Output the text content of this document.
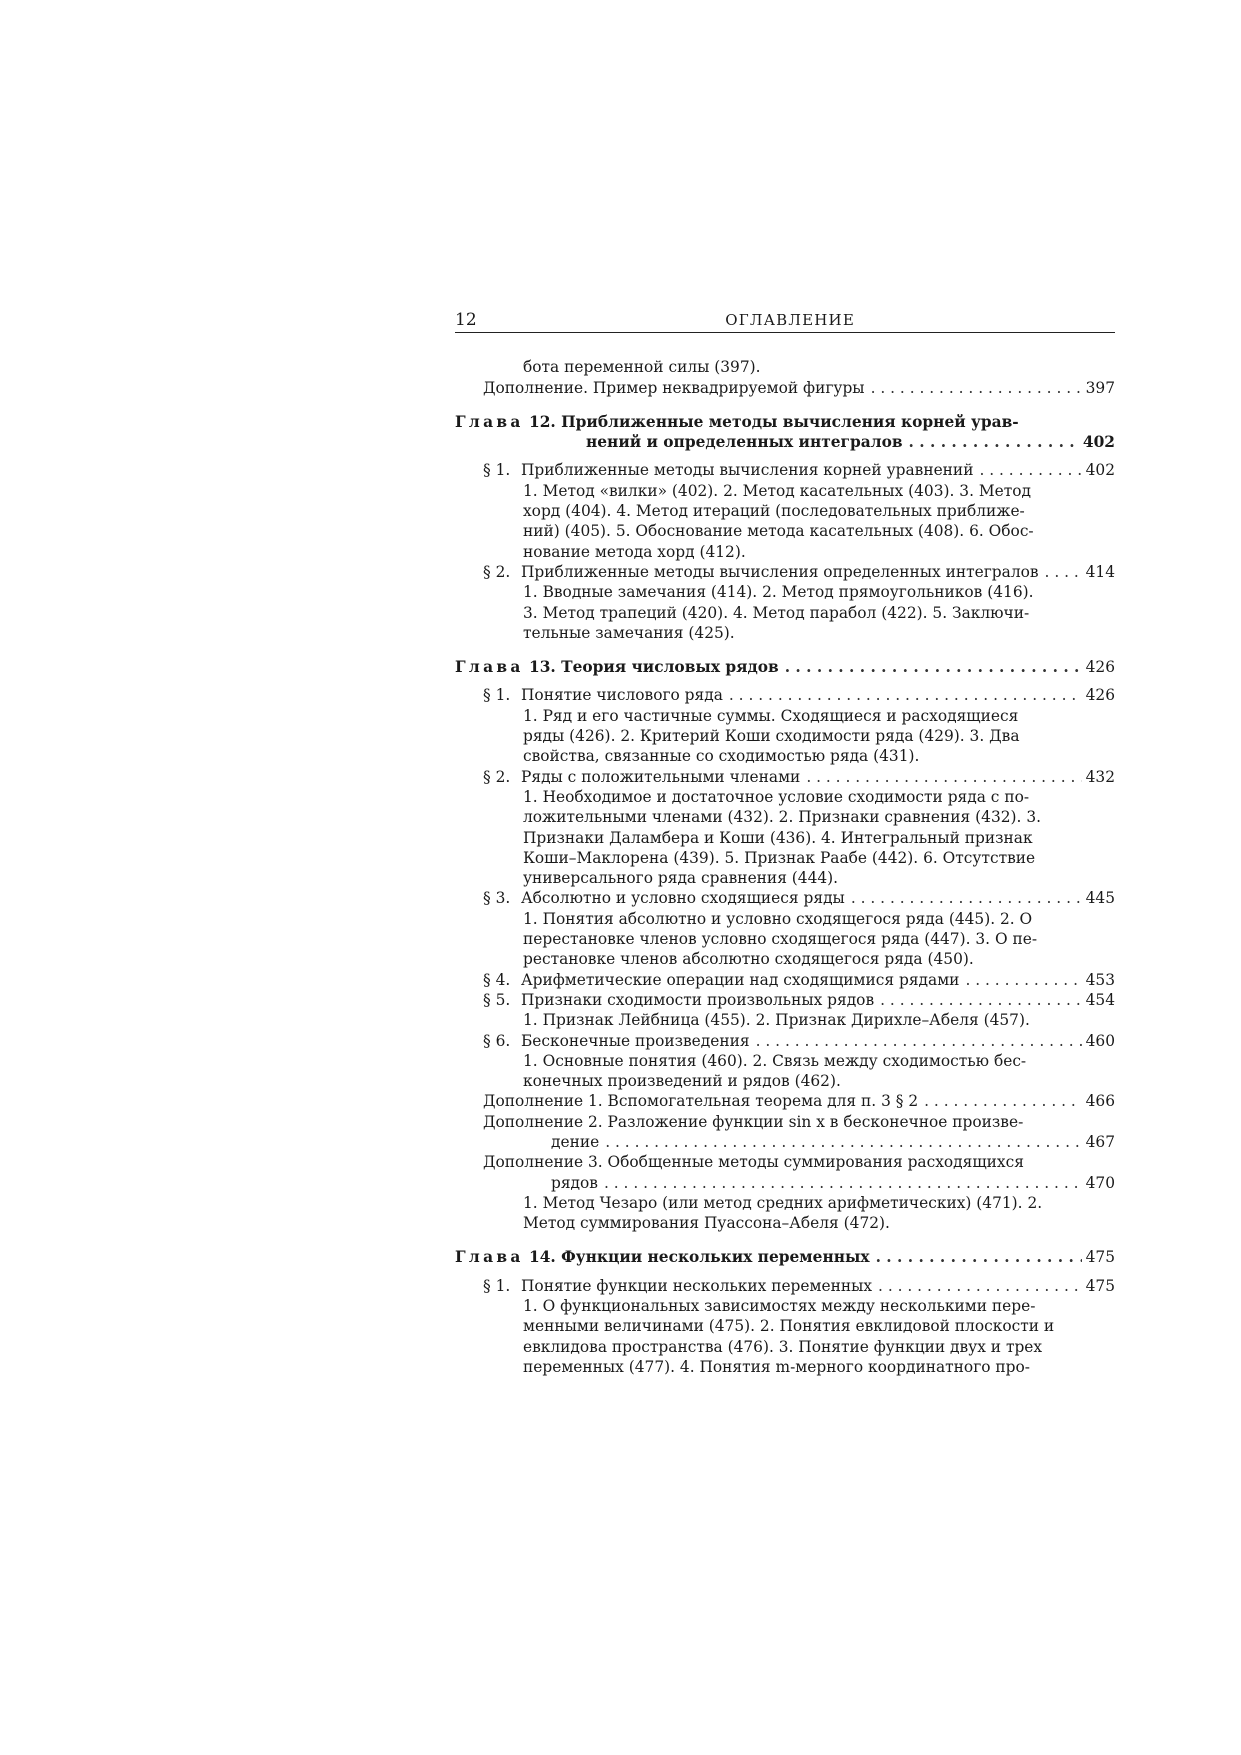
12	ОГЛАВЛЕНИЕ
бота переменной силы (397).
Дополнение. Пример неквадрируемой фигуры . . .	397
Глава 12. Приближенные методы вычисления корней урав-
нений и определенных интегралов . . .	402
§ 1. Приближенные методы вычисления корней уравнений . . .	402
1. Метод «вилки» (402). 2. Метод касательных (403). 3. Метод
хорд (404). 4. Метод итераций (последовательных приближе-
ний) (405). 5. Обоснование метода касательных (408). 6. Обос-
нование метода хорд (412).
§ 2. Приближенные методы вычисления определенных интегралов . . .	414
1. Вводные замечания (414). 2. Метод прямоугольников (416).
3. Метод трапеций (420). 4. Метод парабол (422). 5. Заключи-
тельные замечания (425).
Глава 13. Теория числовых рядов . . .	426
§ 1. Понятие числового ряда . . .	426
1. Ряд и его частичные суммы. Сходящиеся и расходящиеся
ряды (426). 2. Критерий Коши сходимости ряда (429). 3. Два
свойства, связанные со сходимостью ряда (431).
§ 2. Ряды с положительными членами . . .	432
1. Необходимое и достаточное условие сходимости ряда с по-
ложительными членами (432). 2. Признаки сравнения (432). 3.
Признаки Даламбера и Коши (436). 4. Интегральный признак
Коши–Маклорена (439). 5. Признак Раабе (442). 6. Отсутствие
универсального ряда сравнения (444).
§ 3. Абсолютно и условно сходящиеся ряды . . .	445
1. Понятия абсолютно и условно сходящегося ряда (445). 2. О
перестановке членов условно сходящегося ряда (447). 3. О пе-
рестановке членов абсолютно сходящегося ряда (450).
§ 4. Арифметические операции над сходящимися рядами . . .	453
§ 5. Признаки сходимости произвольных рядов . . .	454
1. Признак Лейбница (455). 2. Признак Дирихле–Абеля (457).
§ 6. Бесконечные произведения . . .	460
1. Основные понятия (460). 2. Связь между сходимостью бес-
конечных произведений и рядов (462).
Дополнение 1. Вспомогательная теорема для п. 3 § 2 . . .	466
Дополнение 2. Разложение функции sin x в бесконечное произве-
дение . . .	467
Дополнение 3. Обобщенные методы суммирования расходящихся
рядов . . .	470
1. Метод Чезаро (или метод средних арифметических) (471). 2.
Метод суммирования Пуассона–Абеля (472).
Глава 14. Функции нескольких переменных . . .	475
§ 1. Понятие функции нескольких переменных . . .	475
1. О функциональных зависимостях между несколькими пере-
менными величинами (475). 2. Понятия евклидовой плоскости и
евклидова пространства (476). 3. Понятие функции двух и трех
переменных (477). 4. Понятия m-мерного координатного про-
